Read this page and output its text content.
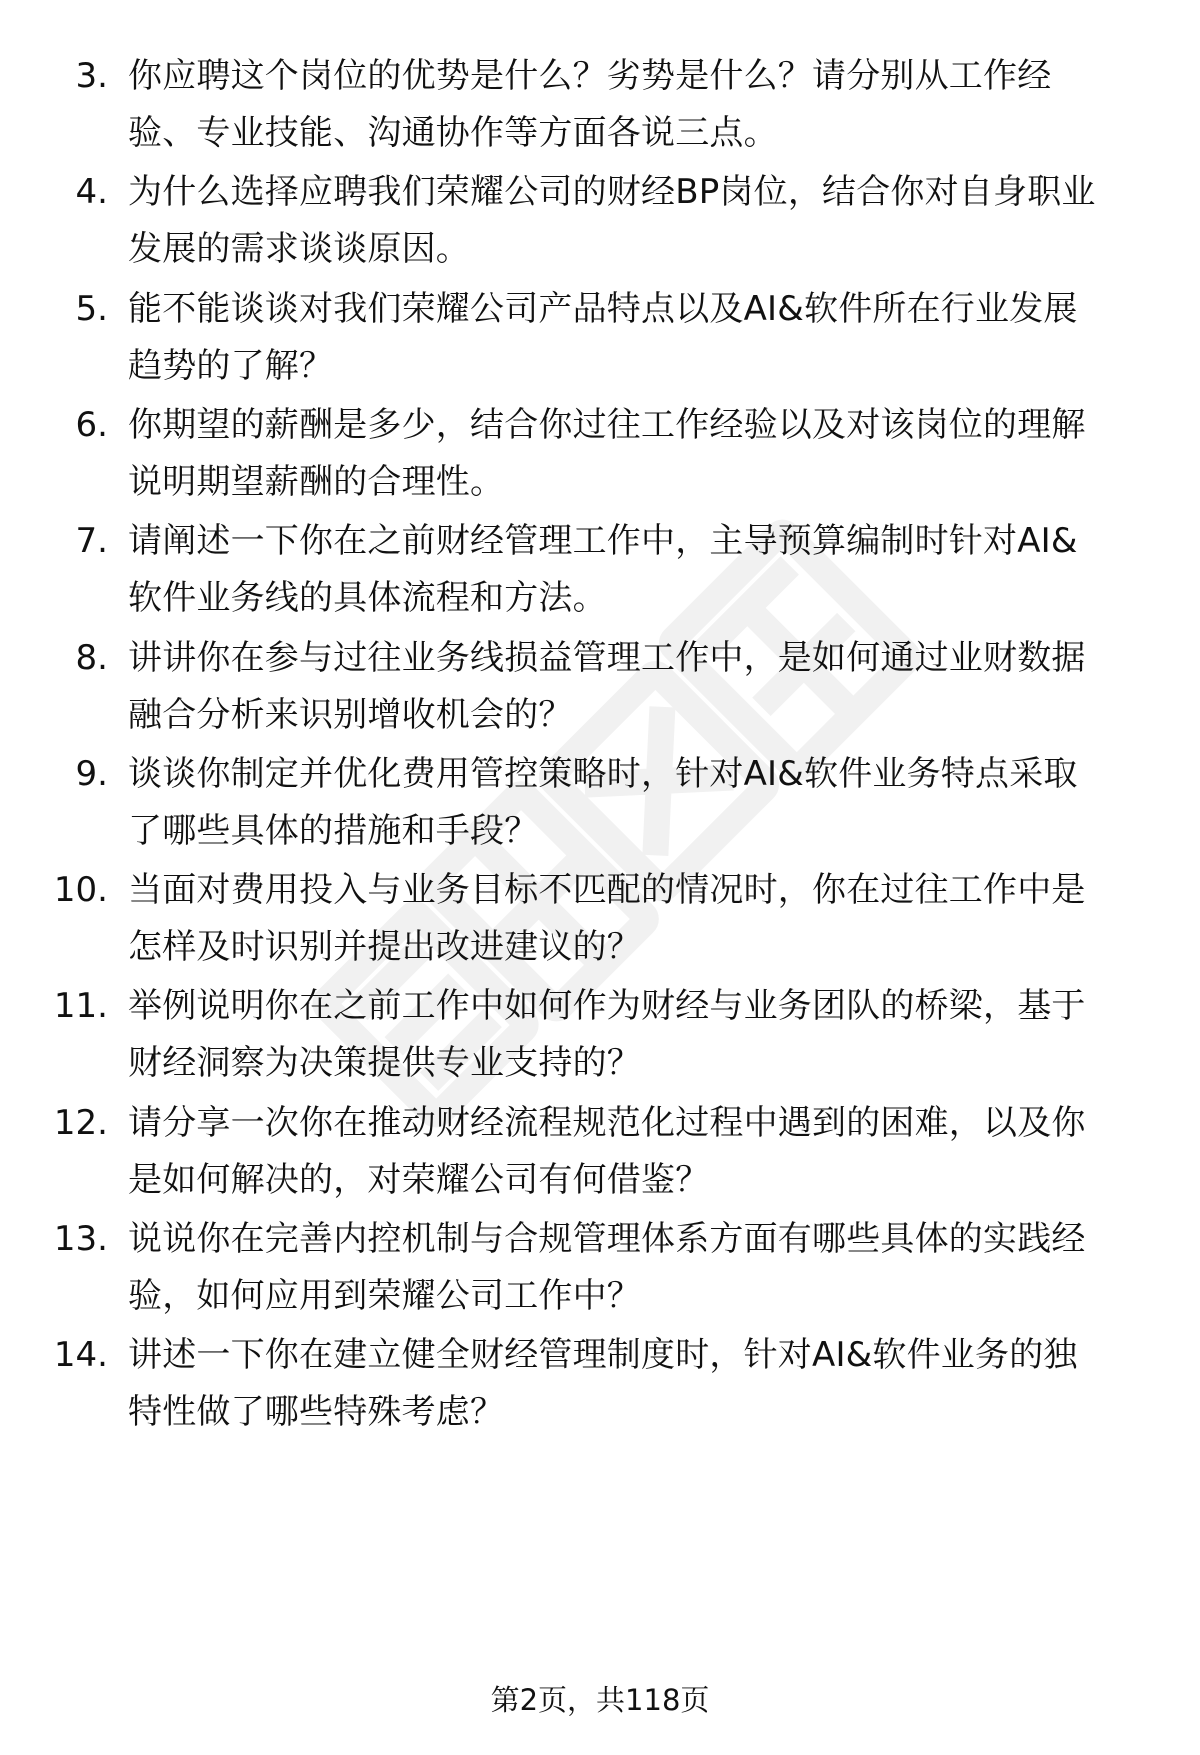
3. 你应聘这个岗位的优势是什么？劣势是什么？请分别从工作经
验、专业技能、沟通协作等方面各说三点。
4. 为什么选择应聘我们荣耀公司的财经BP岗位，结合你对自身职业
发展的需求谈谈原因。
5. 能不能谈谈对我们荣耀公司产品特点以及AI&软件所在行业发展
趋势的了解？
6. 你期望的薪酬是多少，结合你过往工作经验以及对该岗位的理解
说明期望薪酬的合理性。
7. 请阐述一下你在之前财经管理工作中，主导预算编制时针对AI&
软件业务线的具体流程和方法。
8. 讲讲你在参与过往业务线损益管理工作中，是如何通过业财数据
融合分析来识别增收机会的？
9. 谈谈你制定并优化费用管控策略时，针对AI&软件业务特点采取
了哪些具体的措施和手段？
10. 当面对费用投入与业务目标不匹配的情况时，你在过往工作中是
怎样及时识别并提出改进建议的？
11. 举例说明你在之前工作中如何作为财经与业务团队的桥梁，基于
财经洞察为决策提供专业支持的？
12. 请分享一次你在推动财经流程规范化过程中遇到的困难，以及你
是如何解决的，对荣耀公司有何借鉴？
13. 说说你在完善内控机制与合规管理体系方面有哪些具体的实践经
验，如何应用到荣耀公司工作中？
14. 讲述一下你在建立健全财经管理制度时，针对AI&软件业务的独
特性做了哪些特殊考虑？
第2页，共118页
